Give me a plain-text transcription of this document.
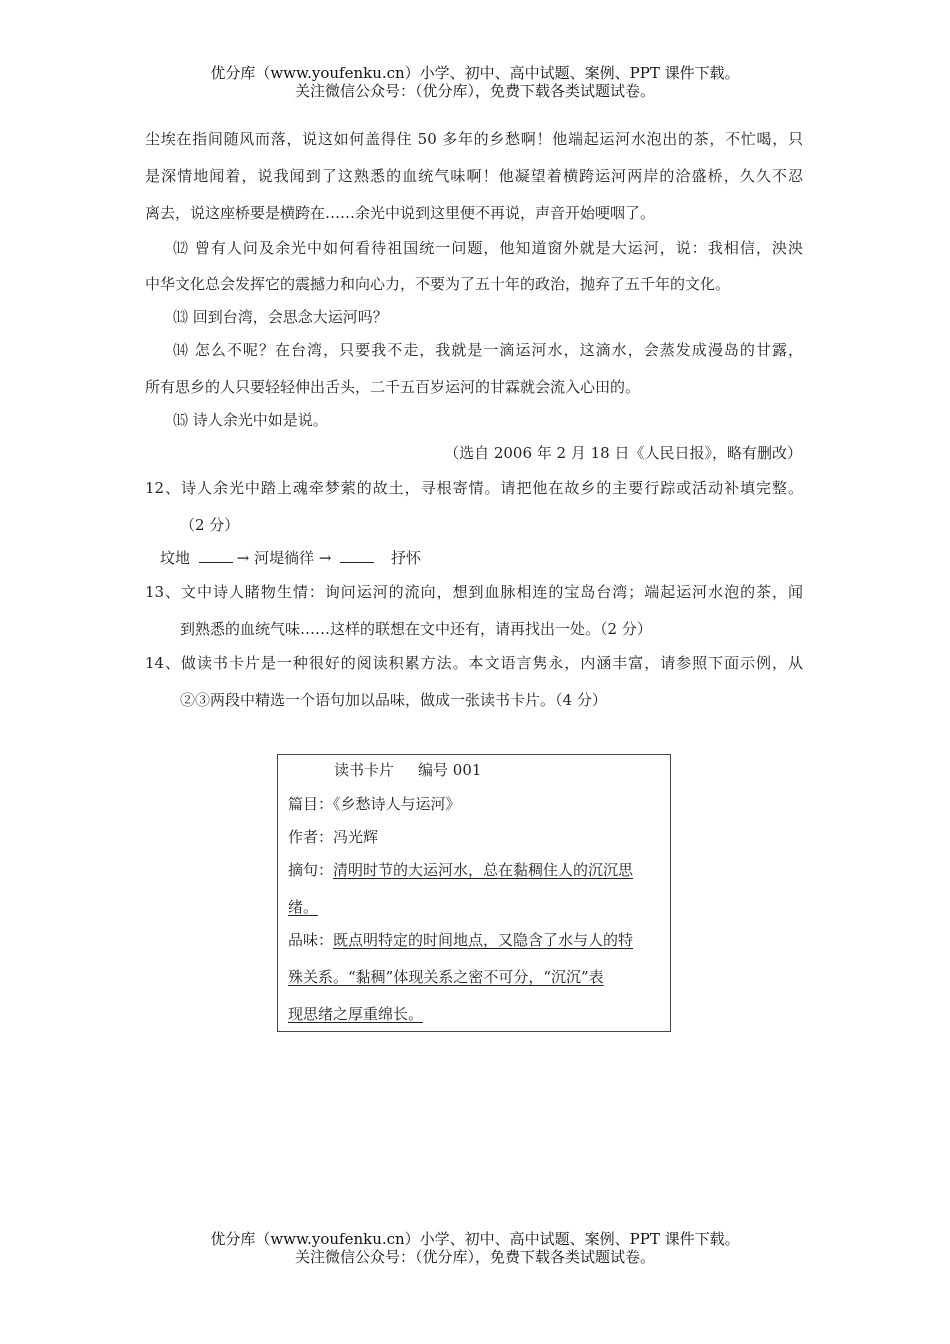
优分库（www.youfenku.cn）小学、初中、高中试题、案例、PPT 课件下载。
关注微信公众号：（优分库），免费下载各类试题试卷。
尘埃在指间随风而落，说这如何盖得住 50 多年的乡愁啊！他端起运河水泡出的茶，不忙喝，只
是深情地闻着，说我闻到了这熟悉的血统气味啊！他凝望着横跨运河两岸的洽盛桥，久久不忍
离去，说这座桥要是横跨在……余光中说到这里便不再说，声音开始哽咽了。
⑿ 曾有人问及余光中如何看待祖国统一问题，他知道窗外就是大运河，说：我相信，泱泱
中华文化总会发挥它的震撼力和向心力，不要为了五十年的政治，抛弃了五千年的文化。
⒀ 回到台湾，会思念大运河吗？
⒁ 怎么不呢？在台湾，只要我不走，我就是一滴运河水，这滴水，会蒸发成漫岛的甘露，
所有思乡的人只要轻轻伸出舌头，二千五百岁运河的甘霖就会流入心田的。
⒂ 诗人余光中如是说。
（选自 2006 年 2 月 18 日《人民日报》，略有删改）
12、诗人余光中踏上魂牵梦萦的故土，寻根寄情。请把他在故乡的主要行踪或活动补填完整。
（2 分）
坟地	→ 河堤徜徉 →	抒怀
13、文中诗人睹物生情：询问运河的流向，想到血脉相连的宝岛台湾；端起运河水泡的茶，闻
到熟悉的血统气味……这样的联想在文中还有，请再找出一处。（2 分）
14、做读书卡片是一种很好的阅读积累方法。本文语言隽永，内涵丰富，请参照下面示例，从
②③两段中精选一个语句加以品味，做成一张读书卡片。（4 分）
读书卡片 编号 001
篇目：《乡愁诗人与运河》
作者：冯光辉
摘句：清明时节的大运河水，总在黏稠住人的沉沉思
绪。
品味：既点明特定的时间地点，又隐含了水与人的特
殊关系。“黏稠”体现关系之密不可分，“沉沉”表
现思绪之厚重绵长。
优分库（www.youfenku.cn）小学、初中、高中试题、案例、PPT 课件下载。
关注微信公众号：（优分库），免费下载各类试题试卷。
